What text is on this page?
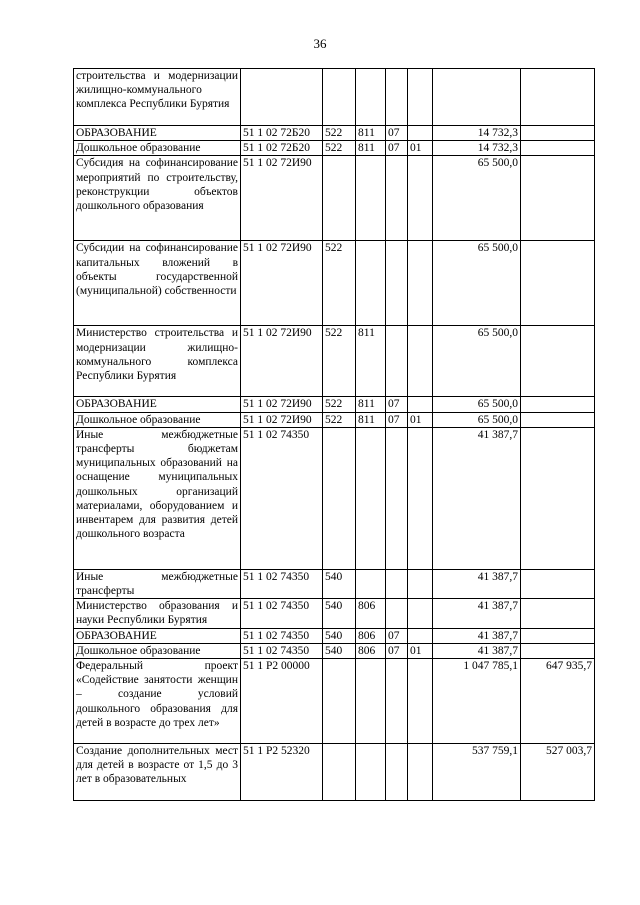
36
строительства и модернизации жилищно-коммунального комплекса Республики Бурятия							
ОБРАЗОВАНИЕ	51 1 02 72Б20	522	811	07		14 732,3	
Дошкольное образование	51 1 02 72Б20	522	811	07	01	14 732,3	
Субсидия на софинансирование мероприятий по строительству, реконструкции объектов дошкольного образования	51 1 02 72И90					65 500,0	
Субсидии на софинансирование капитальных вложений в объекты государственной (муниципальной) собственности	51 1 02 72И90	522				65 500,0	
Министерство строительства и модернизации жилищно-коммунального комплекса Республики Бурятия	51 1 02 72И90	522	811			65 500,0	
ОБРАЗОВАНИЕ	51 1 02 72И90	522	811	07		65 500,0	
Дошкольное образование	51 1 02 72И90	522	811	07	01	65 500,0	
Иные межбюджетные трансферты бюджетам муниципальных образований на оснащение муниципальных дошкольных организаций материалами, оборудованием и инвентарем для развития детей дошкольного возраста	51 1 02 74350					41 387,7	
Иные межбюджетные трансферты	51 1 02 74350	540				41 387,7	
Министерство образования и науки Республики Бурятия	51 1 02 74350	540	806			41 387,7	
ОБРАЗОВАНИЕ	51 1 02 74350	540	806	07		41 387,7	
Дошкольное образование	51 1 02 74350	540	806	07	01	41 387,7	
Федеральный проект «Содействие занятости женщин – создание условий дошкольного образования для детей в возрасте до трех лет»	51 1 P2 00000					1 047 785,1	647 935,7
Создание дополнительных мест для детей в возрасте от 1,5 до 3 лет в образовательных	51 1 P2 52320					537 759,1	527 003,7
